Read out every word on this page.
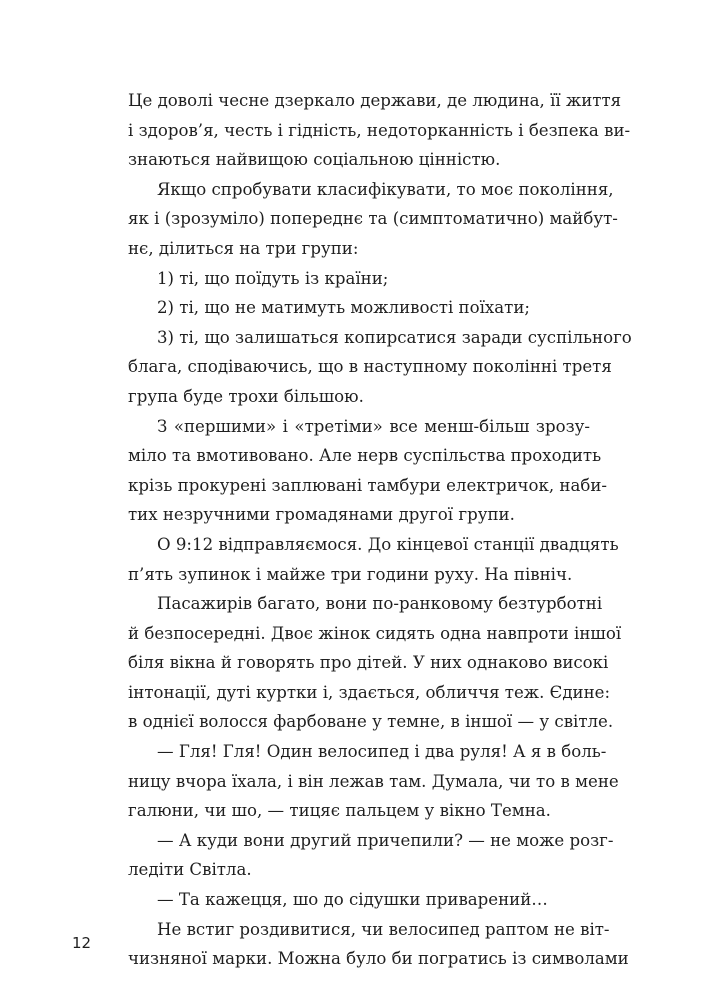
Це доволі чесне дзеркало держави, де людина, її життя
і здоров’я, честь і гідність, недоторканність і безпека ви-
знаються найвищою соціальною цінністю.
Якщо спробувати класифікувати, то моє покоління,
як і (зрозуміло) попереднє та (симптоматично) майбут-
нє, ділиться на три групи:
1) ті, що поїдуть із країни;
2) ті, що не матимуть можливості поїхати;
3) ті, що залишаться копирсатися заради суспільного
блага, сподіваючись, що в наступному поколінні третя
група буде трохи більшою.
З «першими» і «третіми» все менш-більш зрозу-
міло та вмотивовано. Але нерв суспільства проходить
крізь прокурені заплювані тамбури електричок, наби-
тих незручними громадянами другої групи.
О 9:12 відправляємося. До кінцевої станції двадцять
п’ять зупинок і майже три години руху. На північ.
Пасажирів багато, вони по-ранковому безтурботні
й безпосередні. Двоє жінок сидять одна навпроти іншої
біля вікна й говорять про дітей. У них однаково високі
інтонації, дуті куртки і, здається, обличчя теж. Єдине:
в однієї волосся фарбоване у темне, в іншої — у світле.
— Гля! Гля! Один велосипед і два руля! А я в боль-
ницу вчора їхала, і він лежав там. Думала, чи то в мене
галюни, чи шо, — тицяє пальцем у вікно Темна.
— А куди вони другий причепили? — не може розг-
ледіти Світла.
— Та кажецця, шо до сідушки приварений…
Не встиг роздивитися, чи велосипед раптом не віт-
чизняної марки. Можна було би погратись із символами
12
